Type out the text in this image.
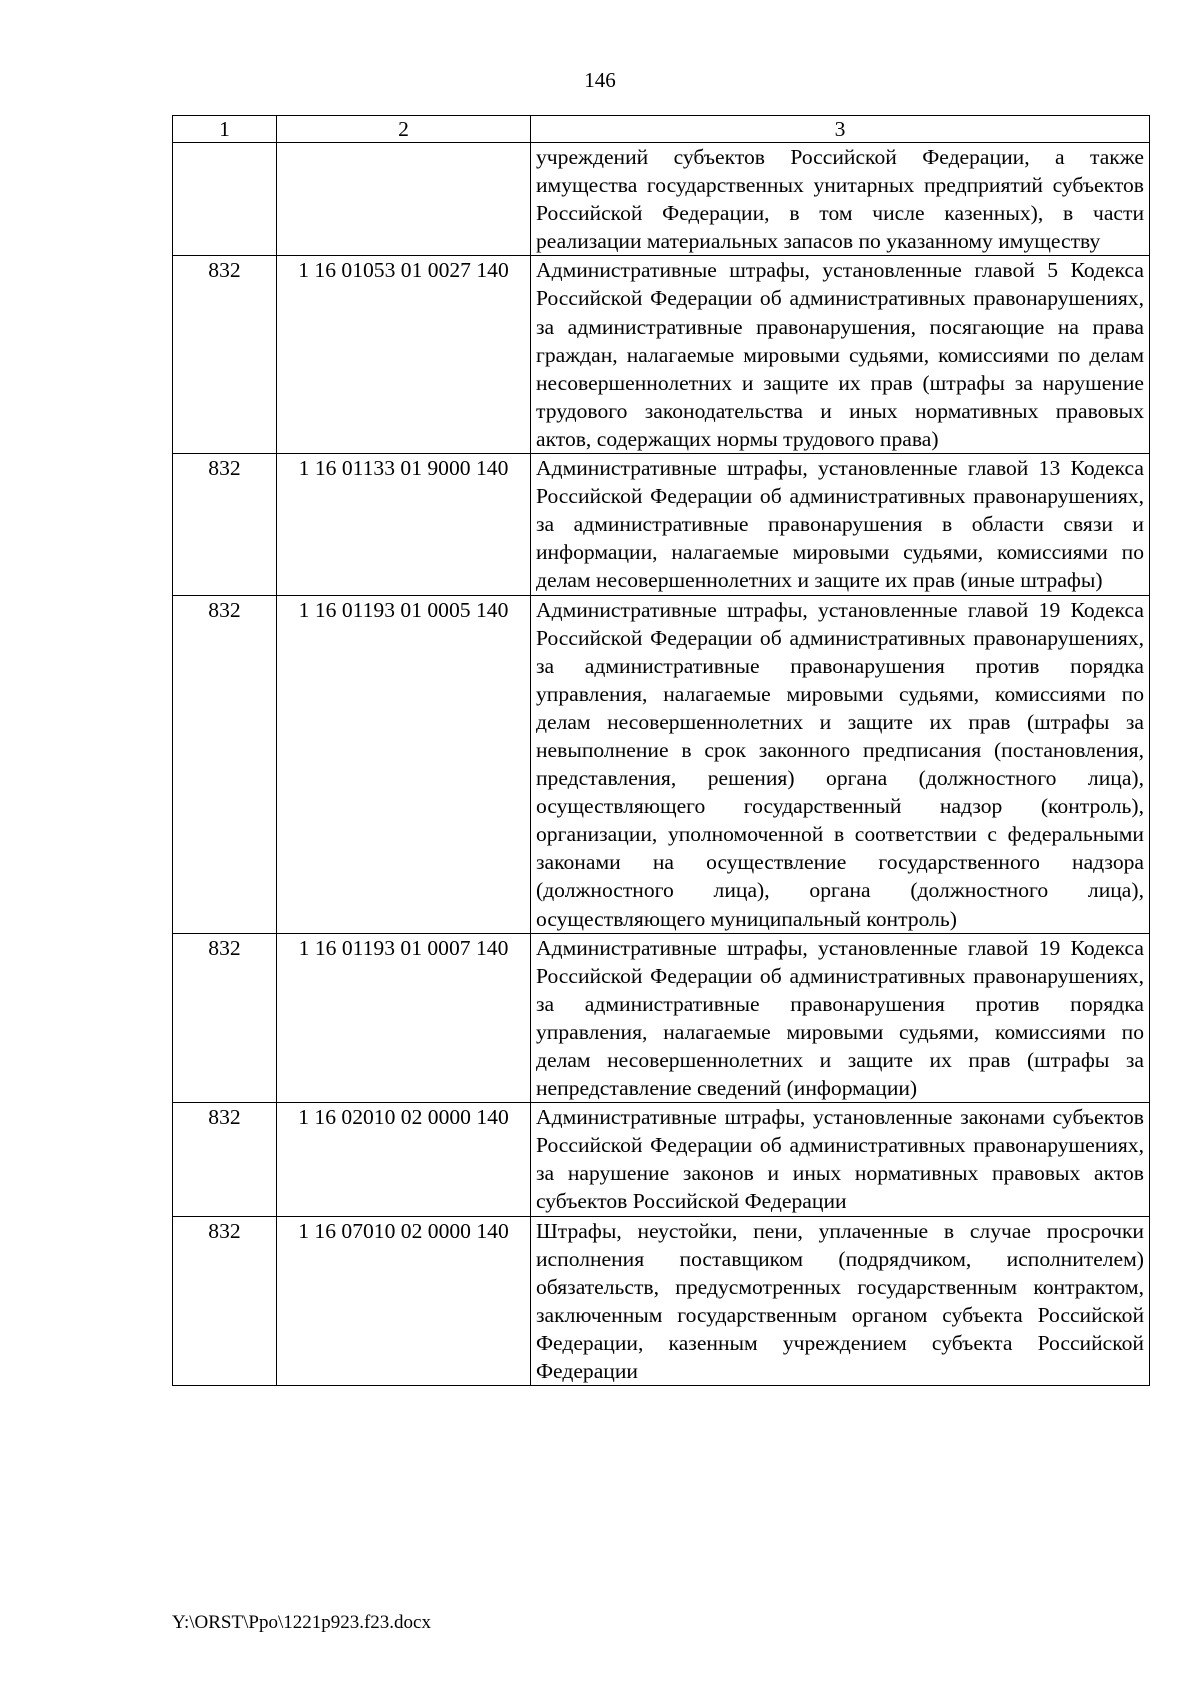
146
1	2	3
		учреждений субъектов Российской Федерации, а также имущества государственных унитарных предприятий субъектов Российской Федерации, в том числе казенных), в части реализации материальных запасов по указанному имуществу
832	1 16 01053 01 0027 140	Административные штрафы, установленные главой 5 Кодекса Российской Федерации об административных правонарушениях, за административные правонарушения, посягающие на права граждан, налагаемые мировыми судьями, комиссиями по делам несовершеннолетних и защите их прав (штрафы за нарушение трудового законодательства и иных нормативных правовых актов, содержащих нормы трудового права)
832	1 16 01133 01 9000 140	Административные штрафы, установленные главой 13 Кодекса Российской Федерации об административных правонарушениях, за административные правонарушения в области связи и информации, налагаемые мировыми судьями, комиссиями по делам несовершеннолетних и защите их прав (иные штрафы)
832	1 16 01193 01 0005 140	Административные штрафы, установленные главой 19 Кодекса Российской Федерации об административных правонарушениях, за административные правонарушения против порядка управления, налагаемые мировыми судьями, комиссиями по делам несовершеннолетних и защите их прав (штрафы за невыполнение в срок законного предписания (постановления, представления, решения) органа (должностного лица), осуществляющего государственный надзор (контроль), организации, уполномоченной в соответствии с федеральными законами на осуществление государственного надзора (должностного лица), органа (должностного лица), осуществляющего муниципальный контроль)
832	1 16 01193 01 0007 140	Административные штрафы, установленные главой 19 Кодекса Российской Федерации об административных правонарушениях, за административные правонарушения против порядка управления, налагаемые мировыми судьями, комиссиями по делам несовершеннолетних и защите их прав (штрафы за непредставление сведений (информации)
832	1 16 02010 02 0000 140	Административные штрафы, установленные законами субъектов Российской Федерации об административных правонарушениях, за нарушение законов и иных нормативных правовых актов субъектов Российской Федерации
832	1 16 07010 02 0000 140	Штрафы, неустойки, пени, уплаченные в случае просрочки исполнения поставщиком (подрядчиком, исполнителем) обязательств, предусмотренных государственным контрактом, заключенным государственным органом субъекта Российской Федерации, казенным учреждением субъекта Российской Федерации
Y:\ORST\Ppo\1221p923.f23.docx
